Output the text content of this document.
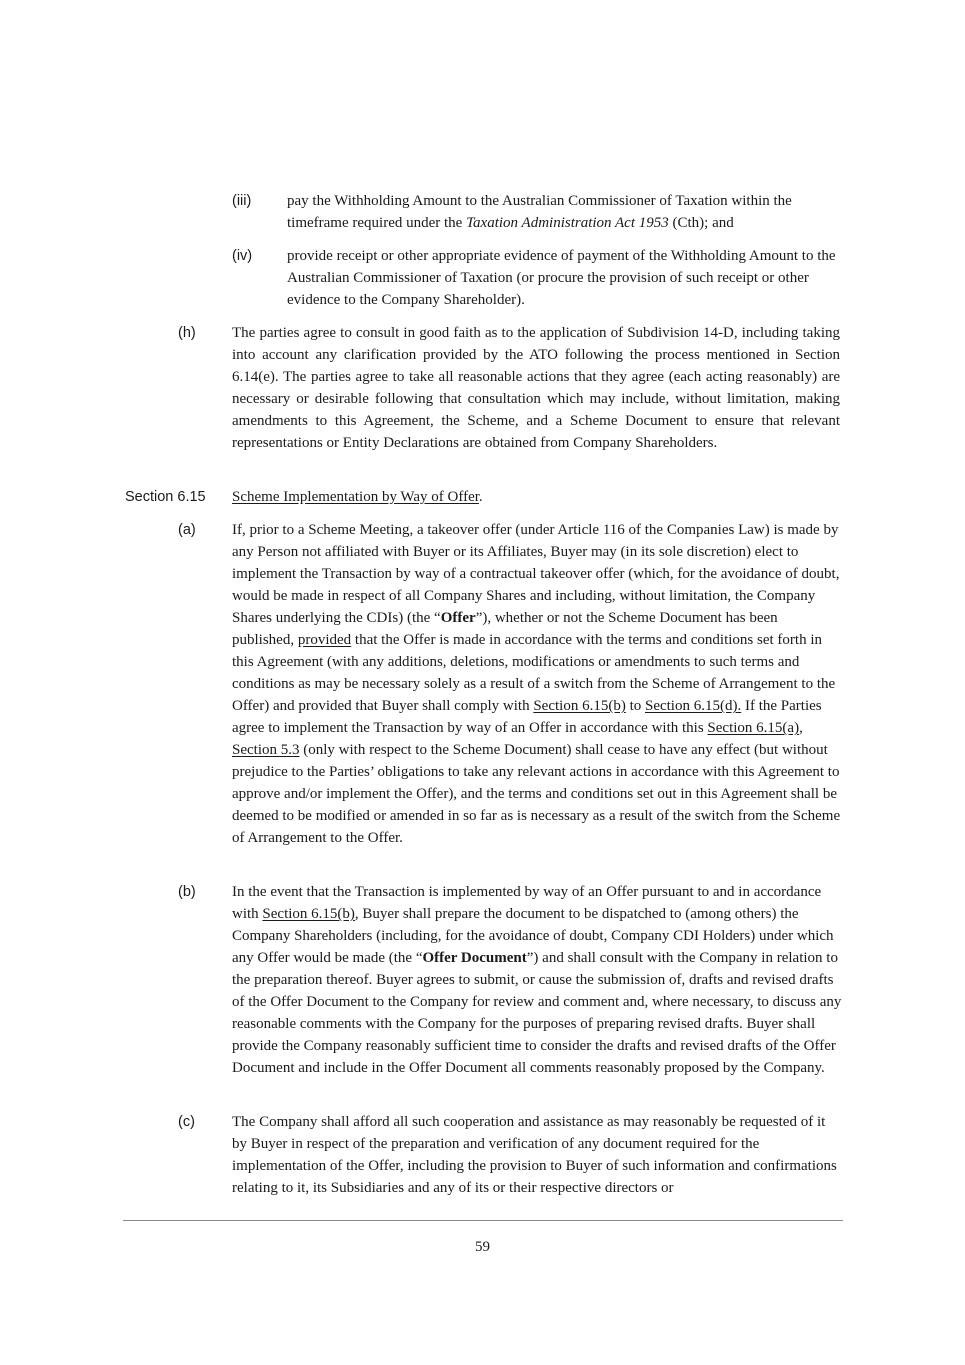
(iii) pay the Withholding Amount to the Australian Commissioner of Taxation within the timeframe required under the Taxation Administration Act 1953 (Cth); and
(iv) provide receipt or other appropriate evidence of payment of the Withholding Amount to the Australian Commissioner of Taxation (or procure the provision of such receipt or other evidence to the Company Shareholder).
(h) The parties agree to consult in good faith as to the application of Subdivision 14-D, including taking into account any clarification provided by the ATO following the process mentioned in Section 6.14(e). The parties agree to take all reasonable actions that they agree (each acting reasonably) are necessary or desirable following that consultation which may include, without limitation, making amendments to this Agreement, the Scheme, and a Scheme Document to ensure that relevant representations or Entity Declarations are obtained from Company Shareholders.
Section 6.15 Scheme Implementation by Way of Offer.
(a) If, prior to a Scheme Meeting, a takeover offer (under Article 116 of the Companies Law) is made by any Person not affiliated with Buyer or its Affiliates, Buyer may (in its sole discretion) elect to implement the Transaction by way of a contractual takeover offer (which, for the avoidance of doubt, would be made in respect of all Company Shares and including, without limitation, the Company Shares underlying the CDIs) (the “Offer”), whether or not the Scheme Document has been published, provided that the Offer is made in accordance with the terms and conditions set forth in this Agreement (with any additions, deletions, modifications or amendments to such terms and conditions as may be necessary solely as a result of a switch from the Scheme of Arrangement to the Offer) and provided that Buyer shall comply with Section 6.15(b) to Section 6.15(d). If the Parties agree to implement the Transaction by way of an Offer in accordance with this Section 6.15(a), Section 5.3 (only with respect to the Scheme Document) shall cease to have any effect (but without prejudice to the Parties’ obligations to take any relevant actions in accordance with this Agreement to approve and/or implement the Offer), and the terms and conditions set out in this Agreement shall be deemed to be modified or amended in so far as is necessary as a result of the switch from the Scheme of Arrangement to the Offer.
(b) In the event that the Transaction is implemented by way of an Offer pursuant to and in accordance with Section 6.15(b), Buyer shall prepare the document to be dispatched to (among others) the Company Shareholders (including, for the avoidance of doubt, Company CDI Holders) under which any Offer would be made (the “Offer Document”) and shall consult with the Company in relation to the preparation thereof. Buyer agrees to submit, or cause the submission of, drafts and revised drafts of the Offer Document to the Company for review and comment and, where necessary, to discuss any reasonable comments with the Company for the purposes of preparing revised drafts. Buyer shall provide the Company reasonably sufficient time to consider the drafts and revised drafts of the Offer Document and include in the Offer Document all comments reasonably proposed by the Company.
(c) The Company shall afford all such cooperation and assistance as may reasonably be requested of it by Buyer in respect of the preparation and verification of any document required for the implementation of the Offer, including the provision to Buyer of such information and confirmations relating to it, its Subsidiaries and any of its or their respective directors or
59
